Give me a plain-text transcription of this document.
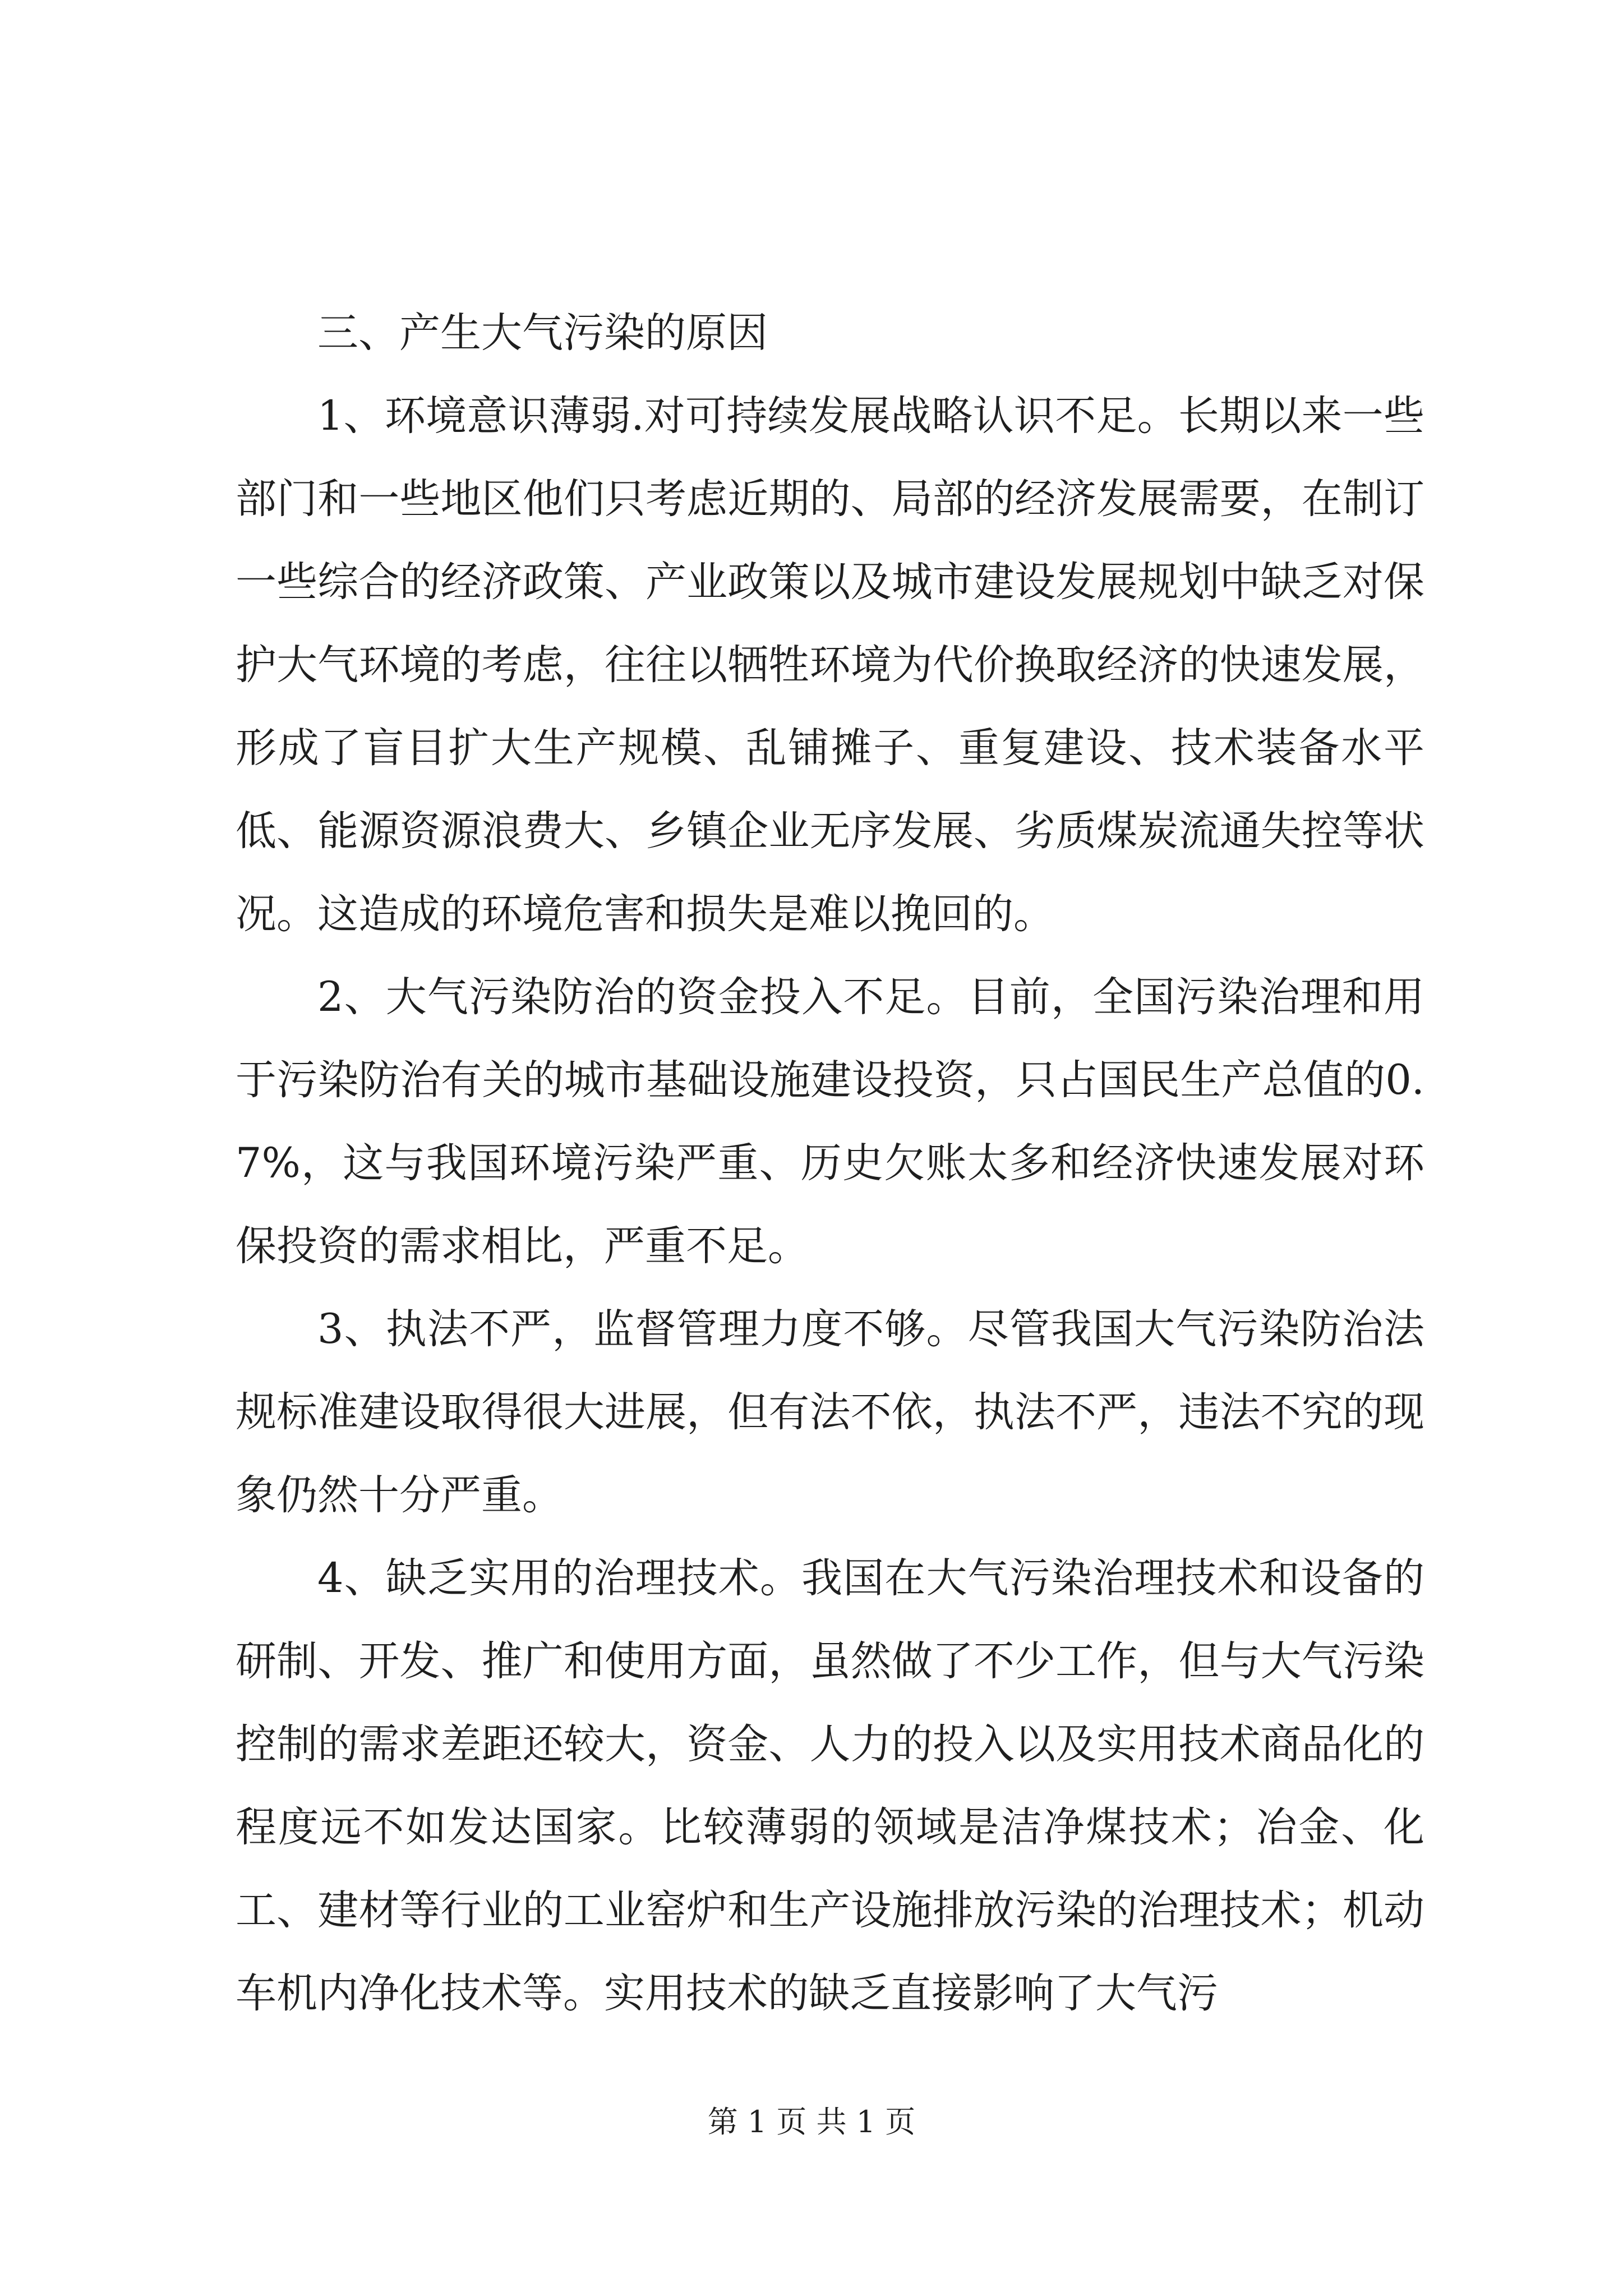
三、产生大气污染的原因

1、环境意识薄弱.对可持续发展战略认识不足。长期以来一些部门和一些地区他们只考虑近期的、局部的经济发展需要，在制订一些综合的经济政策、产业政策以及城市建设发展规划中缺乏对保护大气环境的考虑，往往以牺牲环境为代价换取经济的快速发展，形成了盲目扩大生产规模、乱铺摊子、重复建设、技术装备水平低、能源资源浪费大、乡镇企业无序发展、劣质煤炭流通失控等状况。这造成的环境危害和损失是难以挽回的。

2、大气污染防治的资金投入不足。目前，全国污染治理和用于污染防治有关的城市基础设施建设投资，只占国民生产总值的0.7%，这与我国环境污染严重、历史欠账太多和经济快速发展对环保投资的需求相比，严重不足。

3、执法不严，监督管理力度不够。尽管我国大气污染防治法规标准建设取得很大进展，但有法不依，执法不严，违法不究的现象仍然十分严重。

4、缺乏实用的治理技术。我国在大气污染治理技术和设备的研制、开发、推广和使用方面，虽然做了不少工作，但与大气污染控制的需求差距还较大，资金、人力的投入以及实用技术商品化的程度远不如发达国家。比较薄弱的领域是洁净煤技术；冶金、化工、建材等行业的工业窑炉和生产设施排放污染的治理技术；机动车机内净化技术等。实用技术的缺乏直接影响了大气污

第 1 页 共 1 页
